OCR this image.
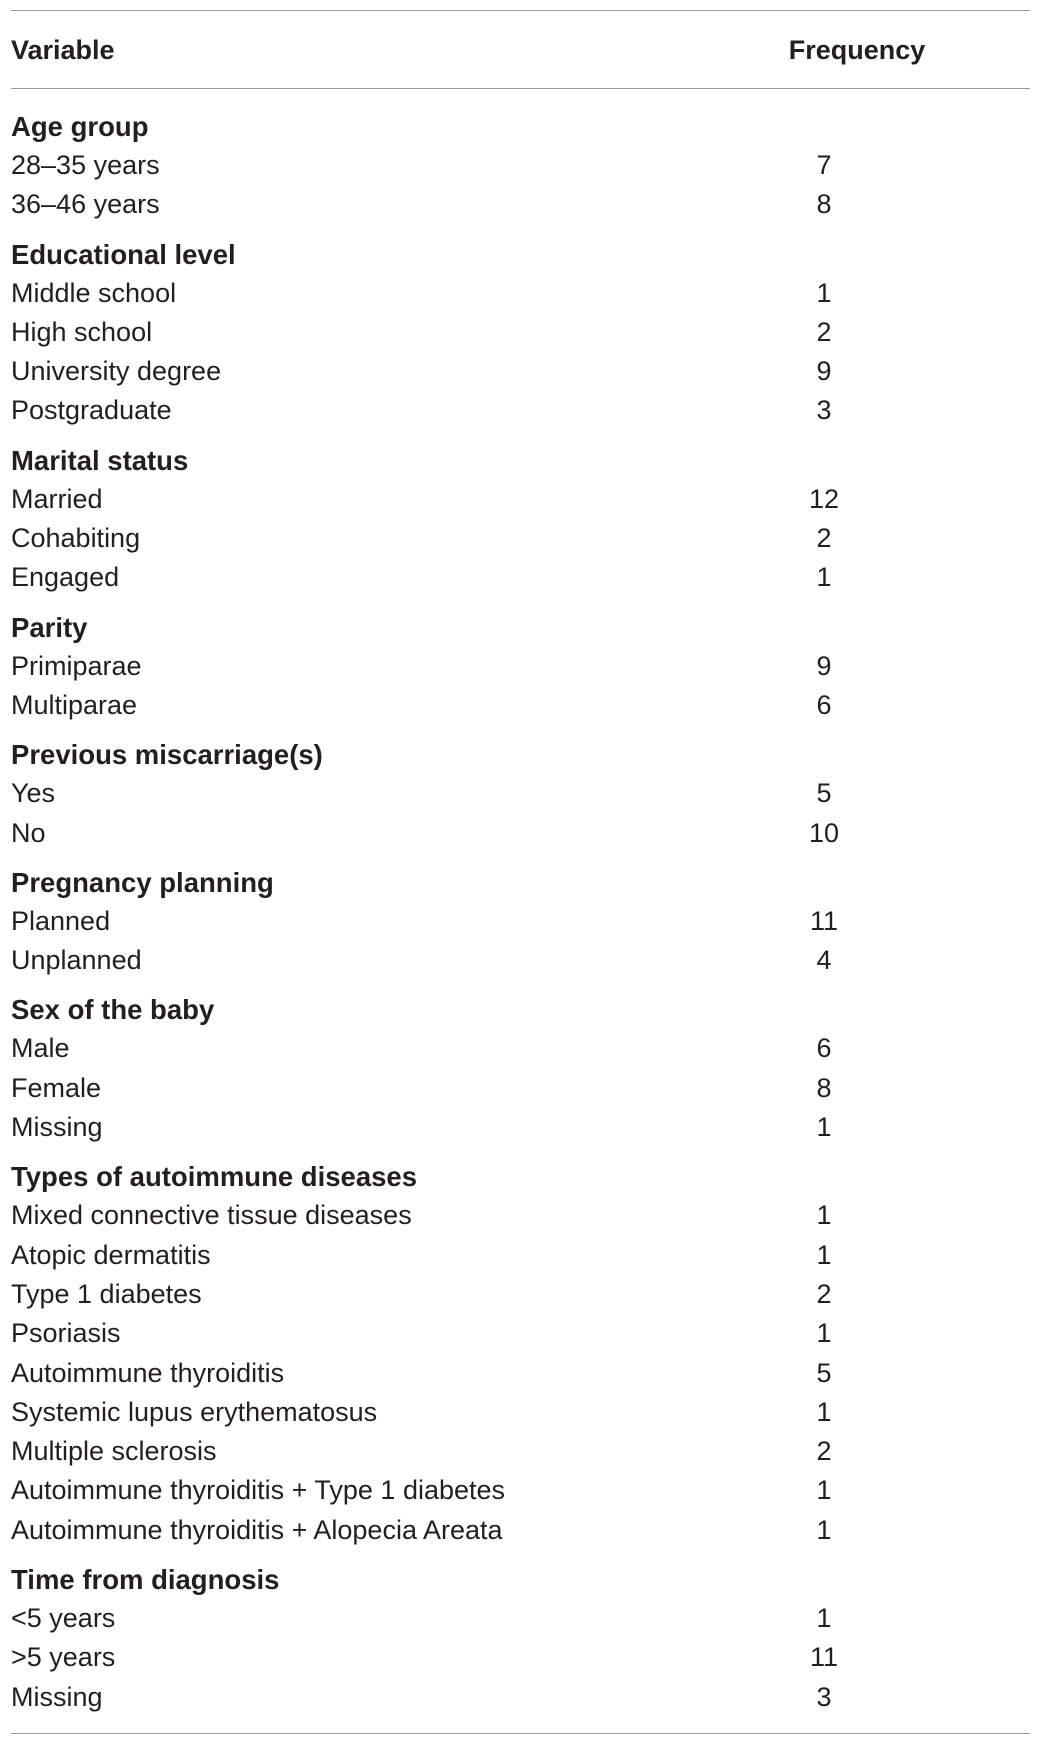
Variable	Frequency
Age group
28–35 years	7
36–46 years	8
Educational level
Middle school	1
High school	2
University degree	9
Postgraduate	3
Marital status
Married	12
Cohabiting	2
Engaged	1
Parity
Primiparae	9
Multiparae	6
Previous miscarriage(s)
Yes	5
No	10
Pregnancy planning
Planned	11
Unplanned	4
Sex of the baby
Male	6
Female	8
Missing	1
Types of autoimmune diseases
Mixed connective tissue diseases	1
Atopic dermatitis	1
Type 1 diabetes	2
Psoriasis	1
Autoimmune thyroiditis	5
Systemic lupus erythematosus	1
Multiple sclerosis	2
Autoimmune thyroiditis + Type 1 diabetes	1
Autoimmune thyroiditis + Alopecia Areata	1
Time from diagnosis
<5 years	1
>5 years	11
Missing	3
